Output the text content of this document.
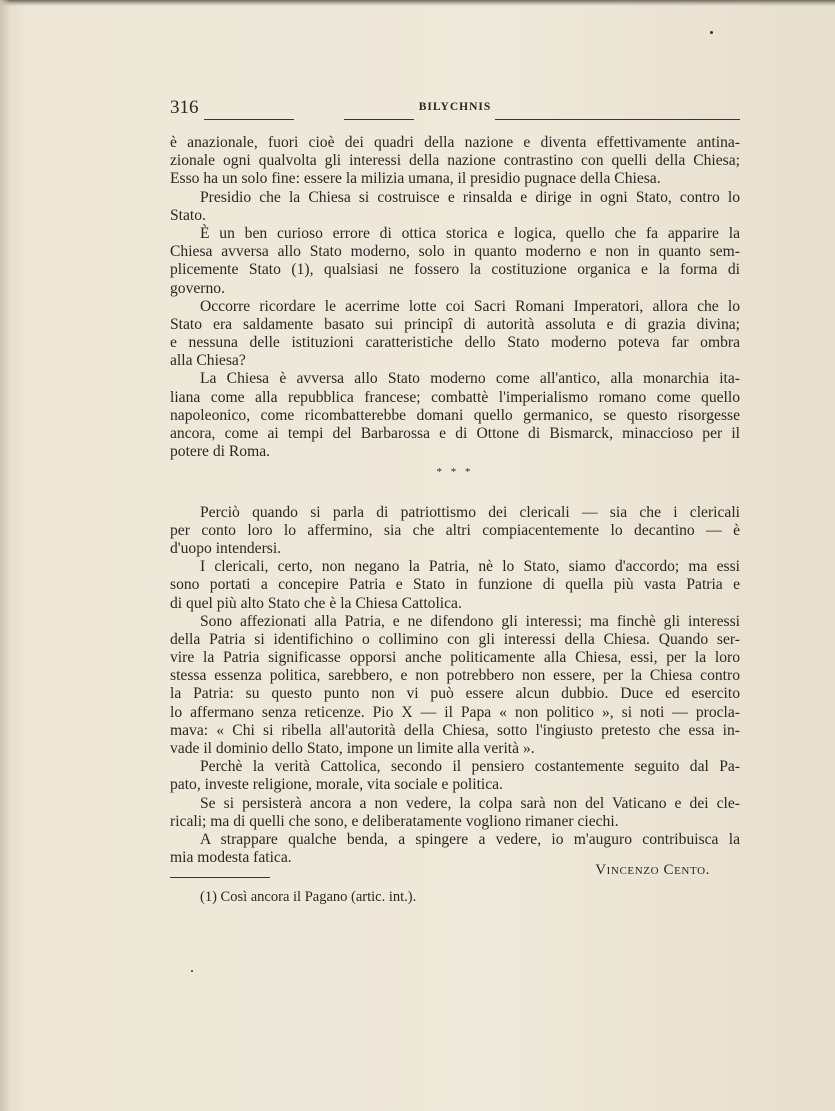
316	BILYCHNIS
è anazionale, fuori cioè dei quadri della nazione e diventa effettivamente antina-
zionale ogni qualvolta gli interessi della nazione contrastino con quelli della Chiesa;
Esso ha un solo fine: essere la milizia umana, il presidio pugnace della Chiesa.
Presidio che la Chiesa si costruisce e rinsalda e dirige in ogni Stato, contro lo
Stato.
È un ben curioso errore di ottica storica e logica, quello che fa apparire la
Chiesa avversa allo Stato moderno, solo in quanto moderno e non in quanto sem-
plicemente Stato (1), qualsiasi ne fossero la costituzione organica e la forma di
governo.
Occorre ricordare le acerrime lotte coi Sacri Romani Imperatori, allora che lo
Stato era saldamente basato sui principî di autorità assoluta e di grazia divina;
e nessuna delle istituzioni caratteristiche dello Stato moderno poteva far ombra
alla Chiesa?
La Chiesa è avversa allo Stato moderno come all'antico, alla monarchia ita-
liana come alla repubblica francese; combattè l'imperialismo romano come quello
napoleonico, come ricombatterebbe domani quello germanico, se questo risorgesse
ancora, come ai tempi del Barbarossa e di Ottone di Bismarck, minaccioso per il
potere di Roma.
* * *
Perciò quando si parla di patriottismo dei clericali — sia che i clericali
per conto loro lo affermino, sia che altri compiacentemente lo decantino — è
d'uopo intendersi.
I clericali, certo, non negano la Patria, nè lo Stato, siamo d'accordo; ma essi
sono portati a concepire Patria e Stato in funzione di quella più vasta Patria e
di quel più alto Stato che è la Chiesa Cattolica.
Sono affezionati alla Patria, e ne difendono gli interessi; ma finchè gli interessi
della Patria si identifichino o collimino con gli interessi della Chiesa. Quando ser-
vire la Patria significasse opporsi anche politicamente alla Chiesa, essi, per la loro
stessa essenza politica, sarebbero, e non potrebbero non essere, per la Chiesa contro
la Patria: su questo punto non vi può essere alcun dubbio. Duce ed esercito
lo affermano senza reticenze. Pio X — il Papa « non politico », si noti — procla-
mava: « Chi si ribella all'autorità della Chiesa, sotto l'ingiusto pretesto che essa in-
vade il dominio dello Stato, impone un limite alla verità ».
Perchè la verità Cattolica, secondo il pensiero costantemente seguito dal Pa-
pato, investe religione, morale, vita sociale e politica.
Se si persisterà ancora a non vedere, la colpa sarà non del Vaticano e dei cle-
ricali; ma di quelli che sono, e deliberatamente vogliono rimaner ciechi.
A strappare qualche benda, a spingere a vedere, io m'auguro contribuisca la
mia modesta fatica.
Vincenzo Cento.
(1) Così ancora il Pagano (artic. int.).
